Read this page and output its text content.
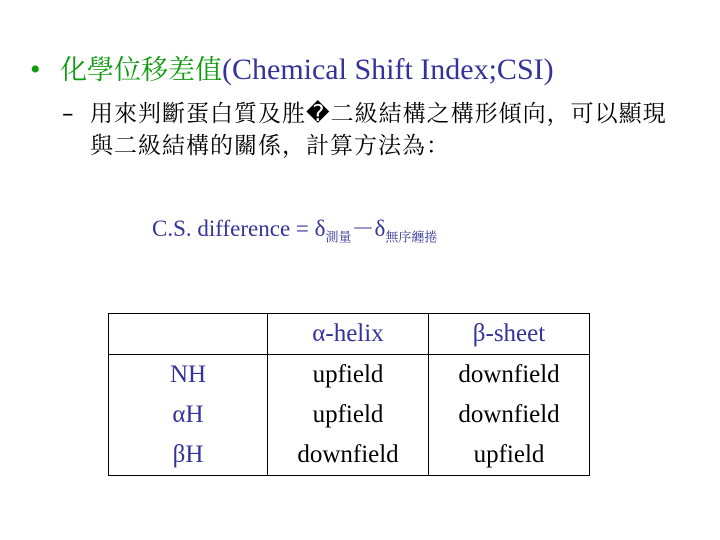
• 化學位移差值(Chemical Shift Index;CSI)
– 用來判斷蛋白質及胜�二級結構之構形傾向，可以顯現與二級結構的關係，計算方法為：
C.S. difference = $\delta_{測量}-\delta_{無序纏捲}$
	α-helix	β-sheet
NH	upfield	downfield
αH	upfield	downfield
βH	downfield	upfield
